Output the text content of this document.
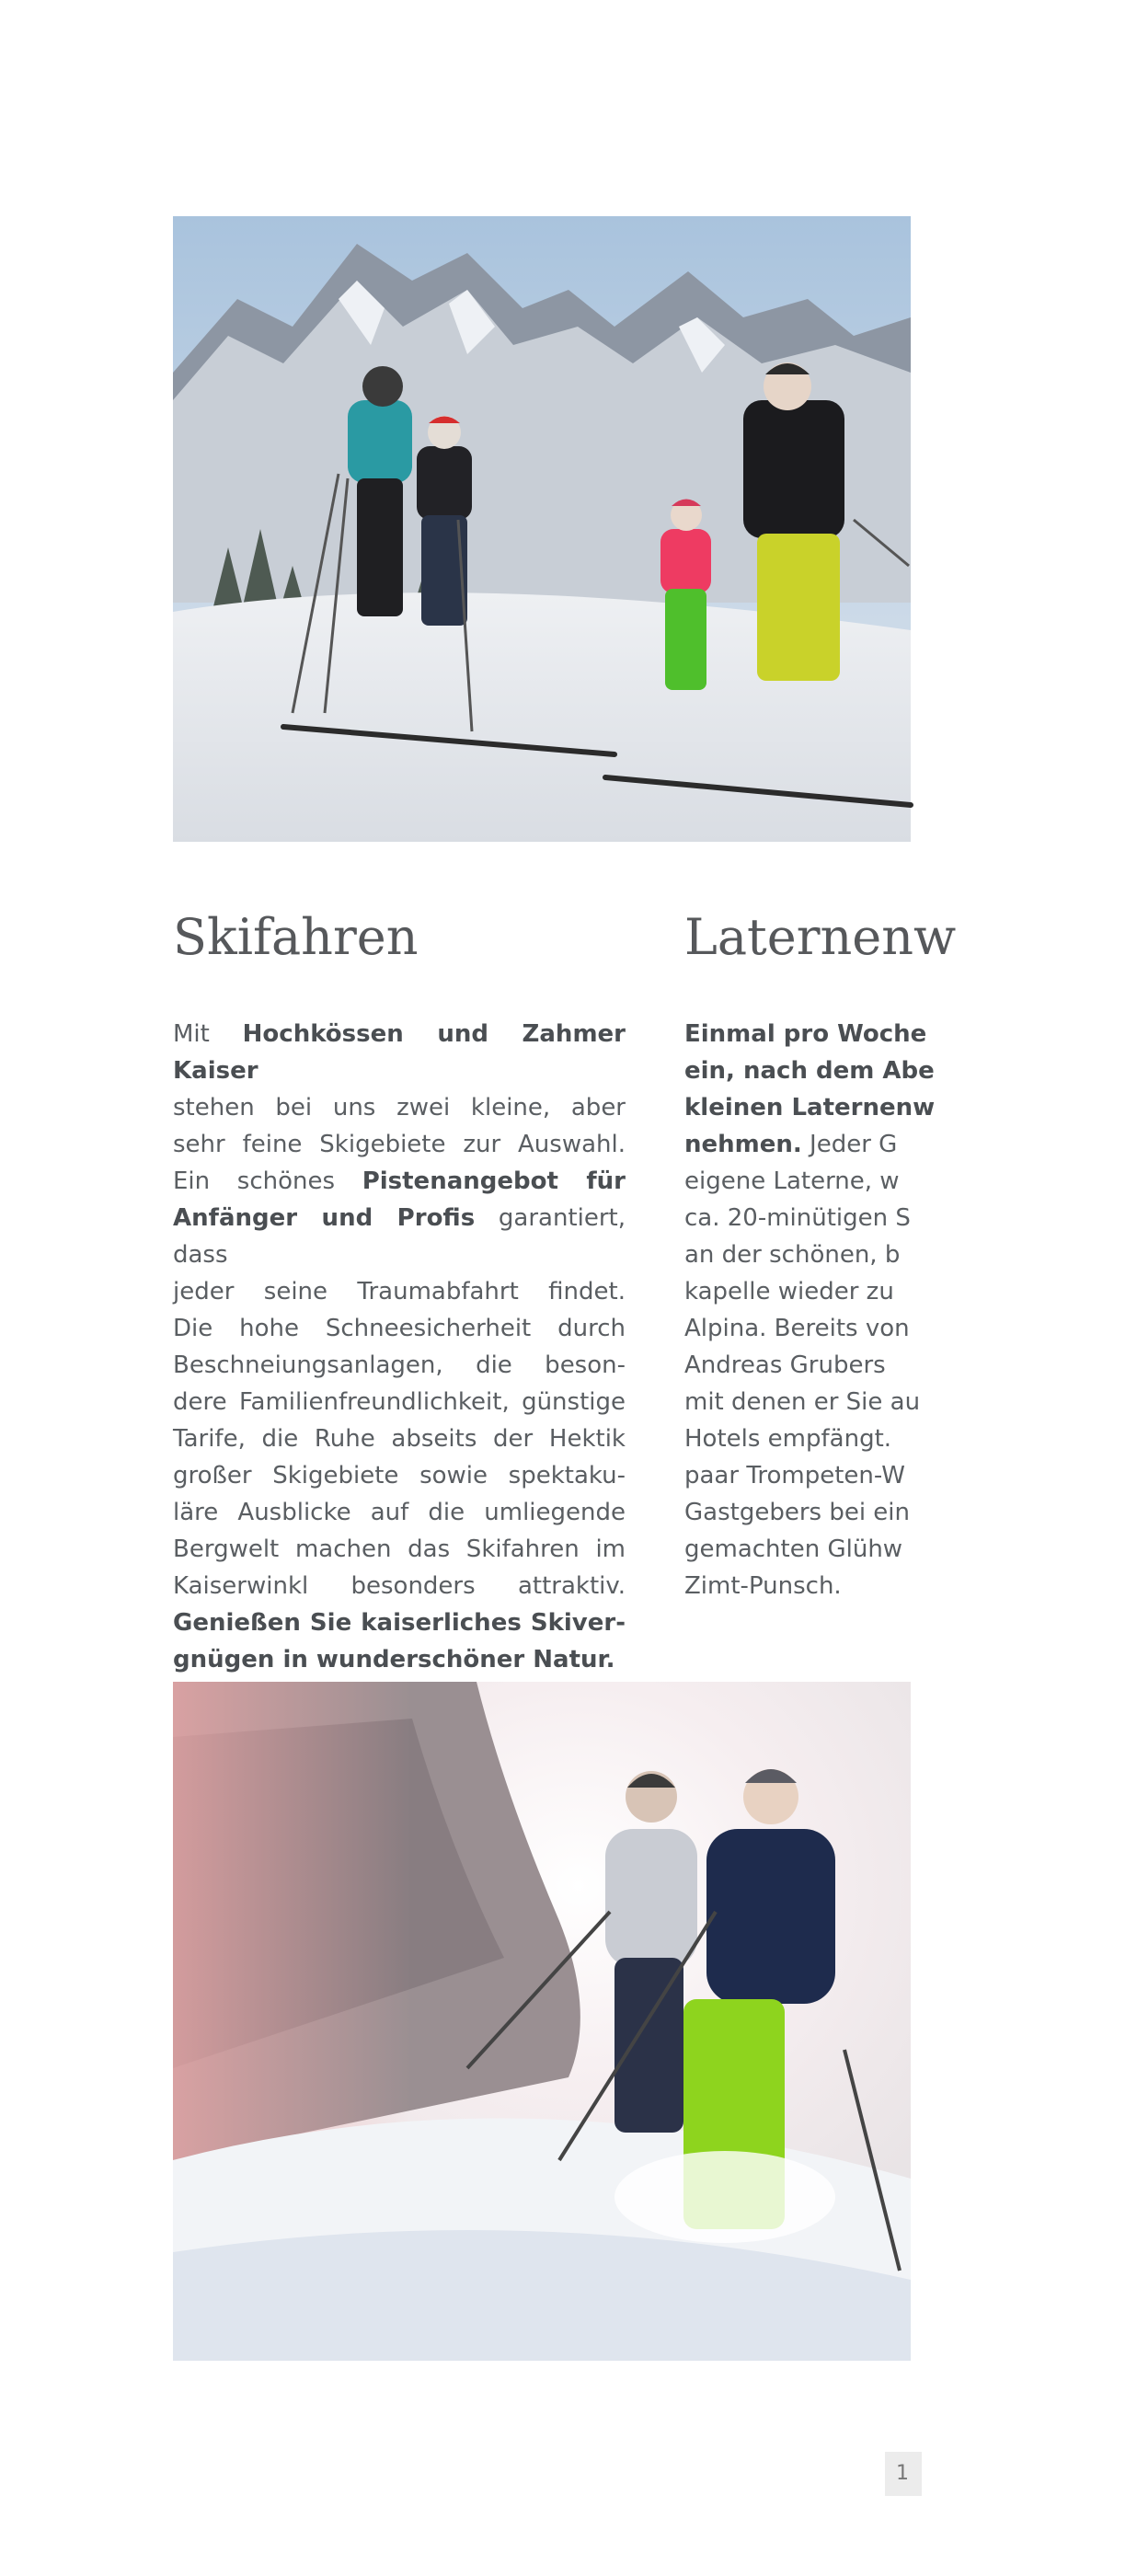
Skifahren
Mit Hochkössen und Zahmer Kaiser
stehen bei uns zwei kleine, aber
sehr feine Skigebiete zur Auswahl.
Ein schönes Pistenangebot für
Anfänger und Profis garantiert, dass
jeder seine Traumabfahrt findet.
Die hohe Schneesicherheit durch
Beschneiungsanlagen, die beson-
dere Familienfreundlichkeit, günstige
Tarife, die Ruhe abseits der Hektik
großer Skigebiete sowie spektaku-
läre Ausblicke auf die umliegende
Bergwelt machen das Skifahren im
Kaiserwinkl besonders attraktiv.
Genießen Sie kaiserliches Skiver-
gnügen in wunderschöner Natur.
Laternenw
Einmal pro Woche
ein, nach dem Abe
kleinen Laternenw
nehmen. Jeder G
eigene Laterne, w
ca. 20-minütigen S
an der schönen, b
kapelle wieder zu
Alpina. Bereits von
Andreas Grubers
mit denen er Sie au
Hotels empfängt.
paar Trompeten-W
Gastgebers bei ein
gemachten Glühw
Zimt-Punsch.
1
